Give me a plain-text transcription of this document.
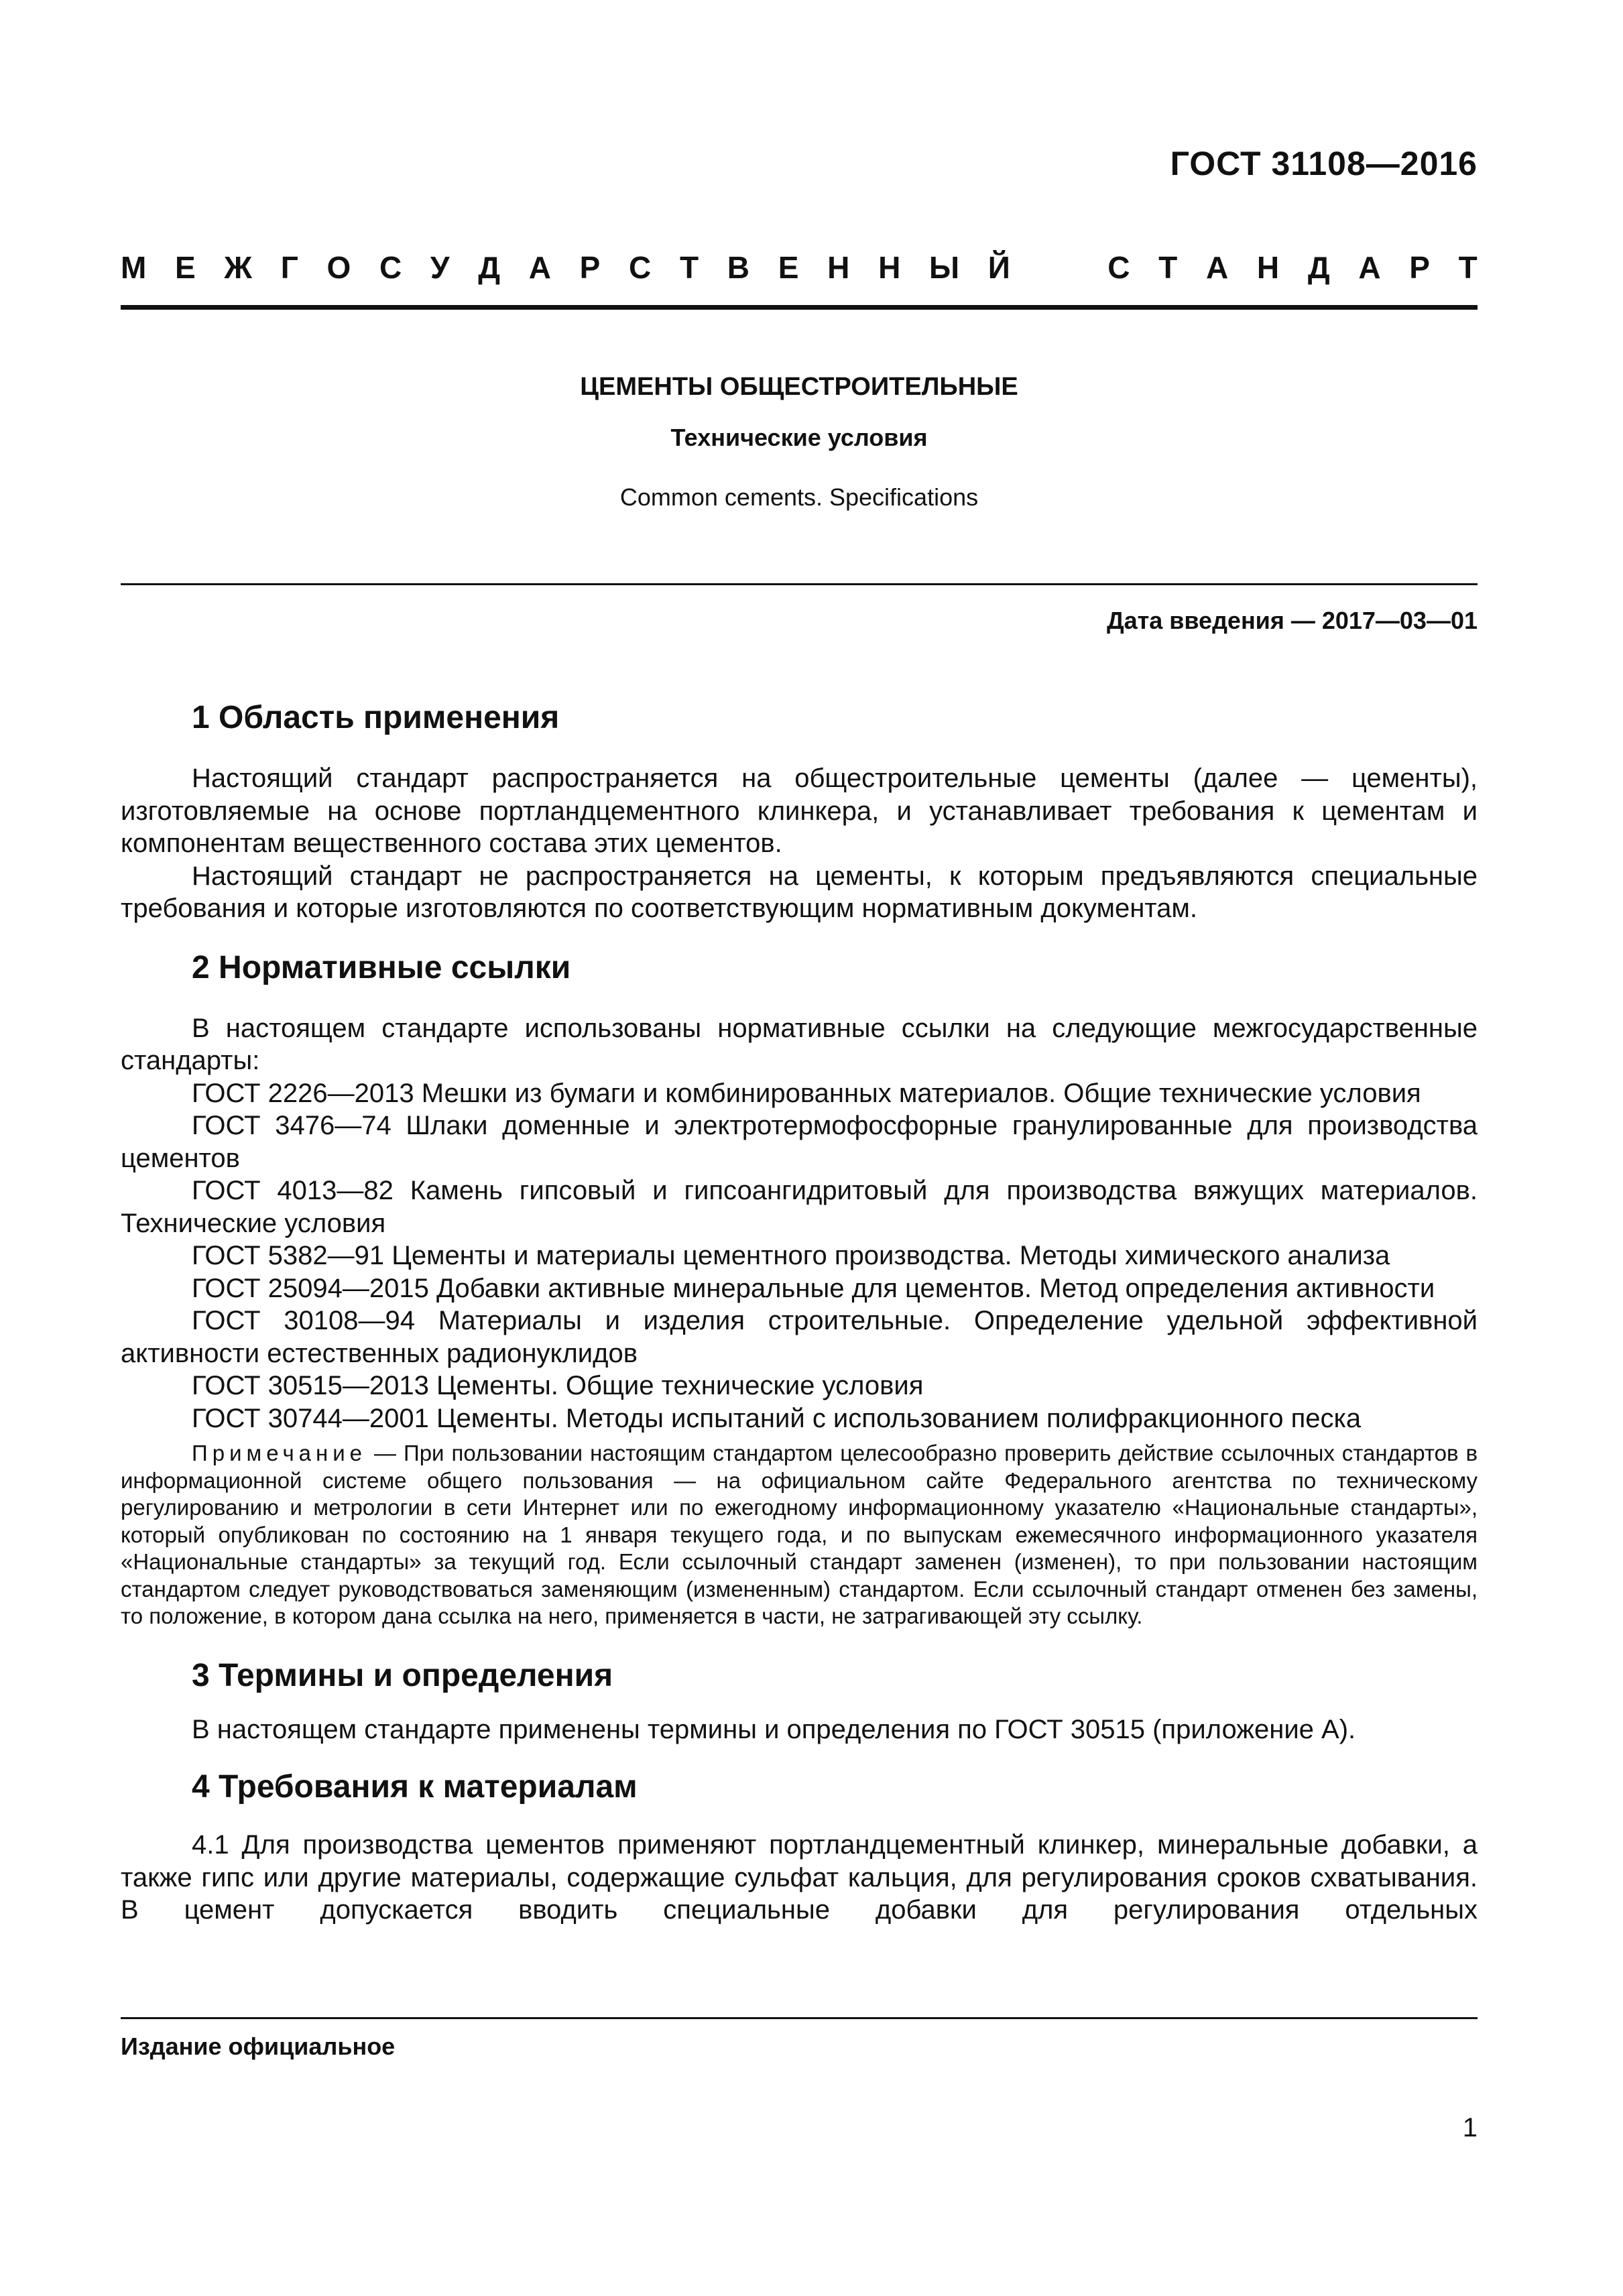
ГОСТ 31108—2016
М Е Ж Г О С У Д А Р С Т В Е Н Н Ы Й	С Т А Н Д А Р Т
ЦЕМЕНТЫ ОБЩЕСТРОИТЕЛЬНЫЕ
Технические условия
Common cements. Specifications
Дата введения — 2017—03—01
1 Область применения

Настоящий стандарт распространяется на общестроительные цементы (далее — цементы), изготовляемые на основе портландцементного клинкера, и устанавливает требования к цементам и компонентам вещественного состава этих цементов.

Настоящий стандарт не распространяется на цементы, к которым предъявляются специальные требования и которые изготовляются по соответствующим нормативным документам.

2 Нормативные ссылки

В настоящем стандарте использованы нормативные ссылки на следующие межгосударственные стандарты:

ГОСТ 2226—2013 Мешки из бумаги и комбинированных материалов. Общие технические условия

ГОСТ 3476—74 Шлаки доменные и электротермофосфорные гранулированные для производства цементов

ГОСТ 4013—82 Камень гипсовый и гипсоангидритовый для производства вяжущих материалов. Технические условия

ГОСТ 5382—91 Цементы и материалы цементного производства. Методы химического анализа

ГОСТ 25094—2015 Добавки активные минеральные для цементов. Метод определения активности

ГОСТ 30108—94 Материалы и изделия строительные. Определение удельной эффективной активности естественных радионуклидов

ГОСТ 30515—2013 Цементы. Общие технические условия

ГОСТ 30744—2001 Цементы. Методы испытаний с использованием полифракционного песка

Примечание — При пользовании настоящим стандартом целесообразно проверить действие ссылочных стандартов в информационной системе общего пользования — на официальном сайте Федерального агентства по техническому регулированию и метрологии в сети Интернет или по ежегодному информационному указателю «Национальные стандарты», который опубликован по состоянию на 1 января текущего года, и по выпускам ежемесячного информационного указателя «Национальные стандарты» за текущий год. Если ссылочный стандарт заменен (изменен), то при пользовании настоящим стандартом следует руководствоваться заменяющим (измененным) стандартом. Если ссылочный стандарт отменен без замены, то положение, в котором дана ссылка на него, применяется в части, не затрагивающей эту ссылку.
3 Термины и определения

В настоящем стандарте применены термины и определения по ГОСТ 30515 (приложение А).

4 Требования к материалам

4.1 Для производства цементов применяют портландцементный клинкер, минеральные добавки, а также гипс или другие материалы, содержащие сульфат кальция, для регулирования сроков схватывания. В цемент допускается вводить специальные добавки для регулирования отдельных

Издание официальное
1
